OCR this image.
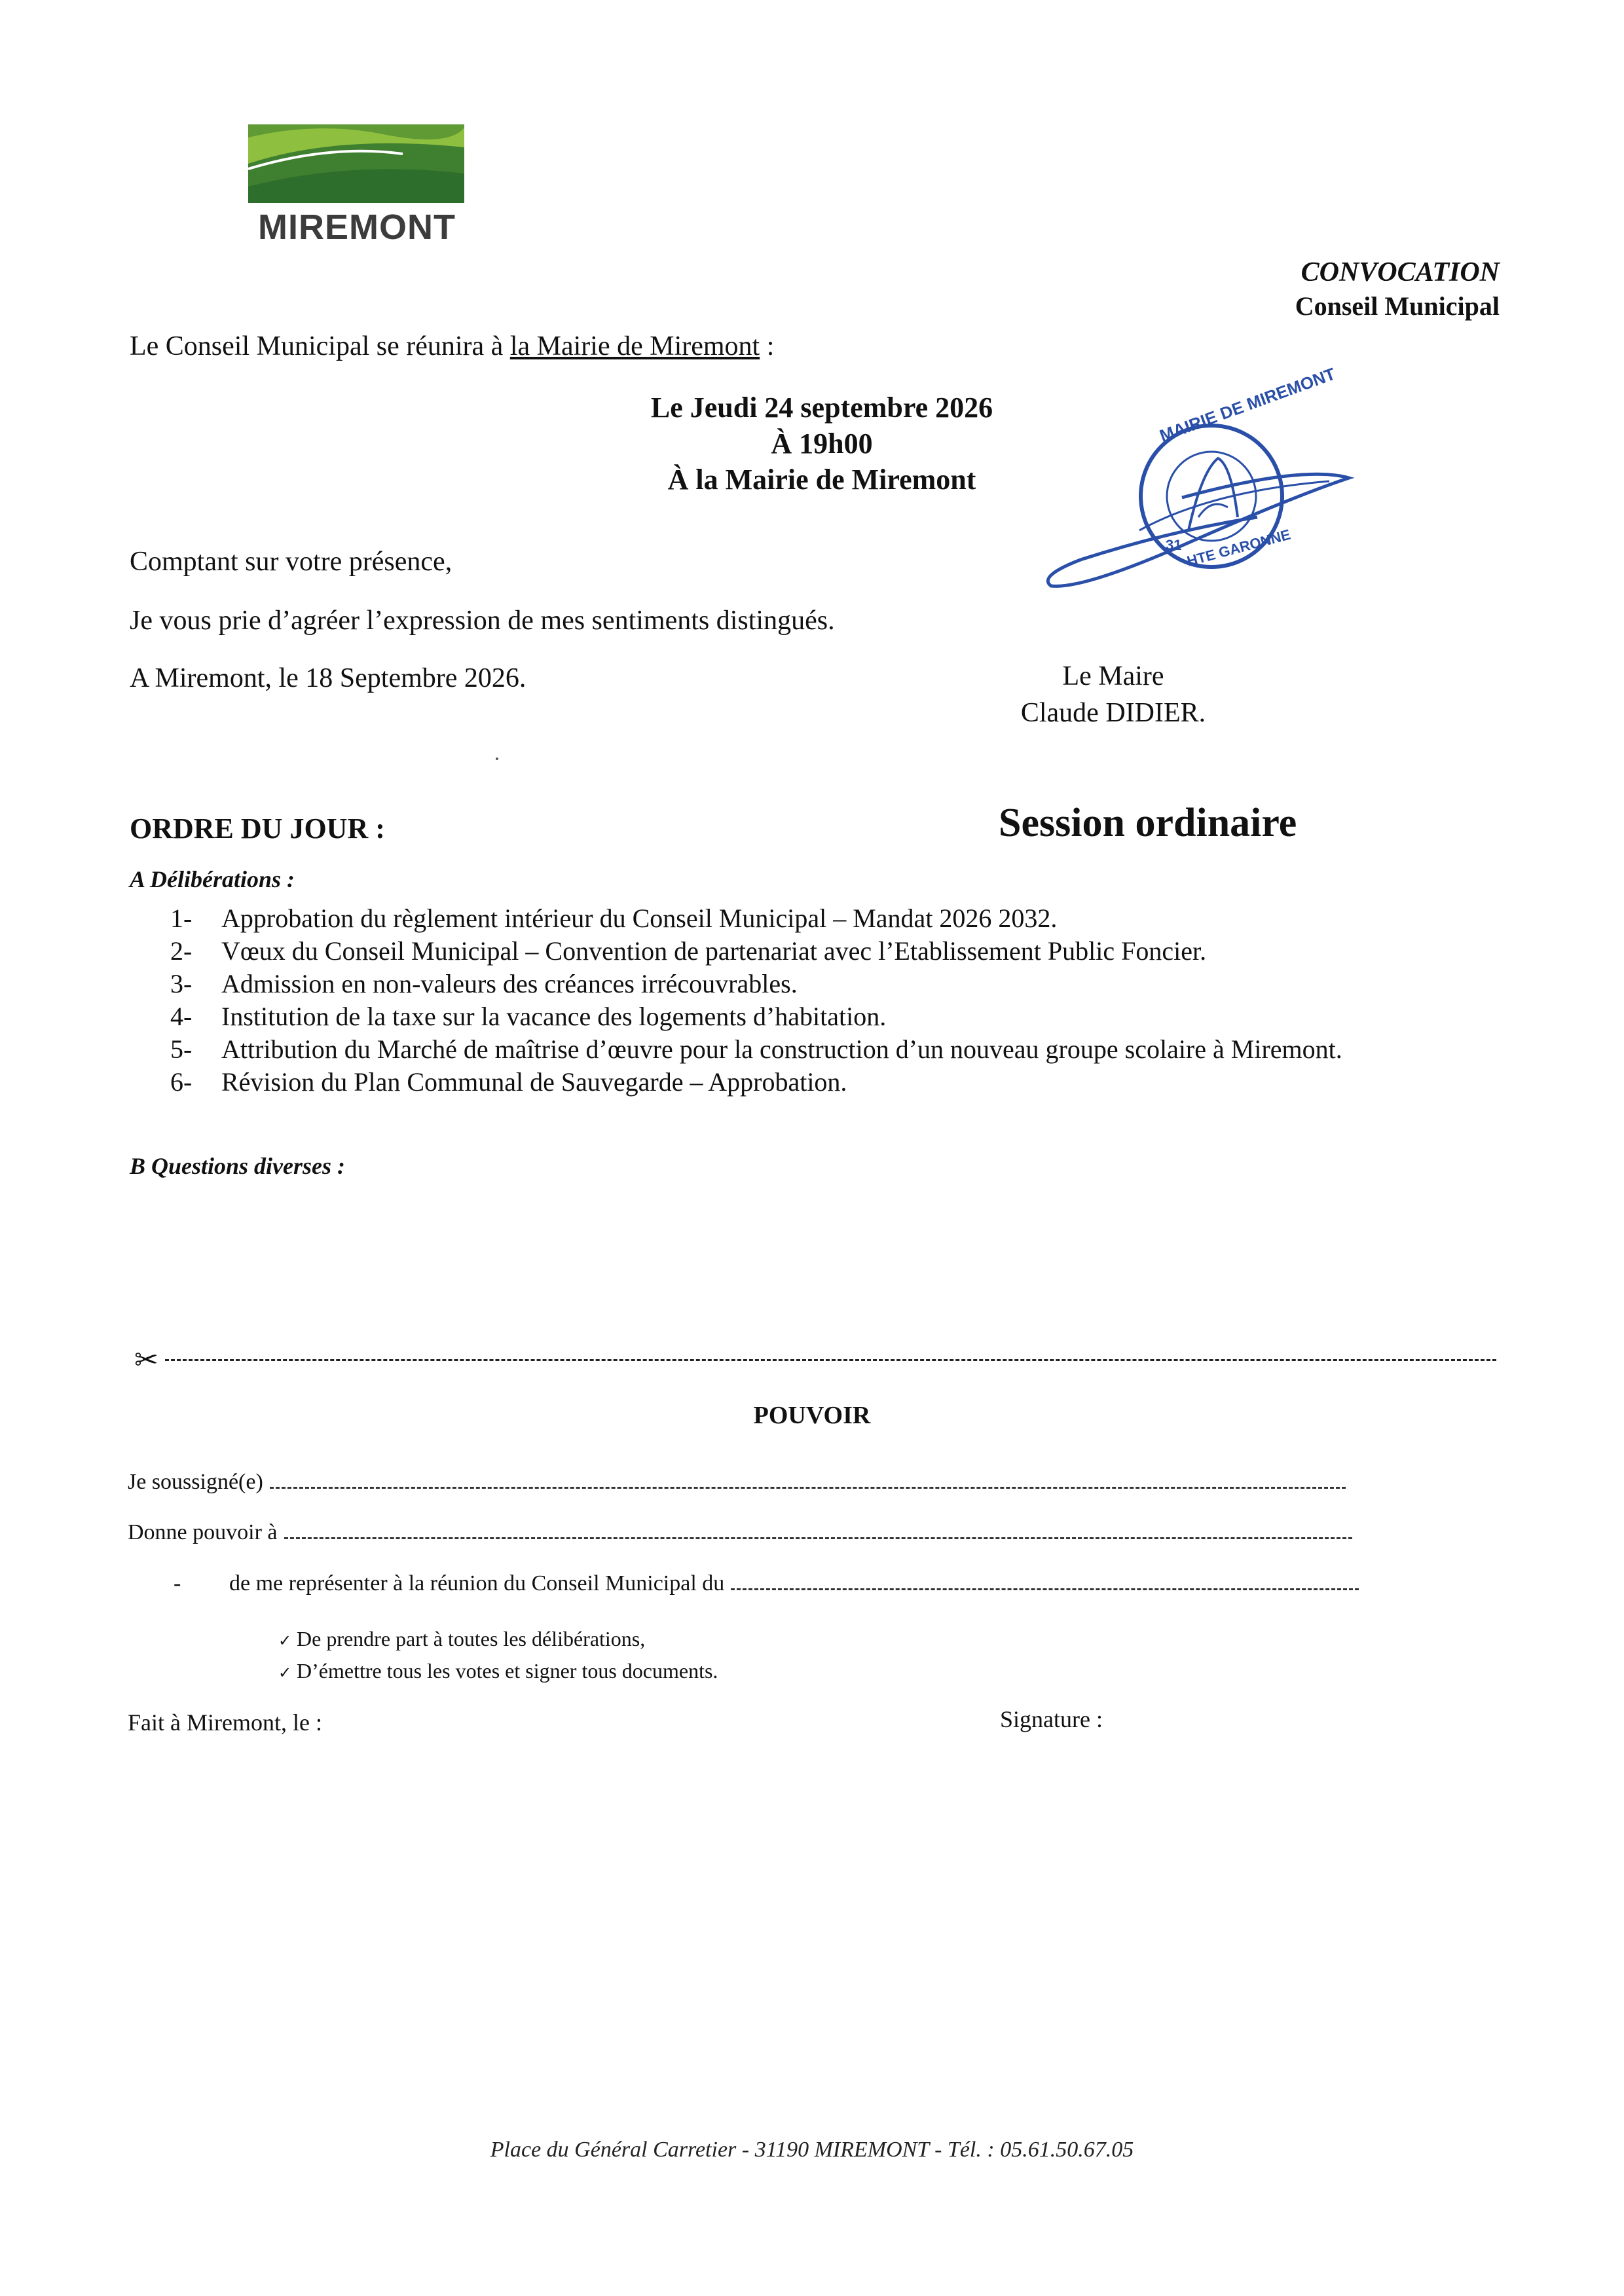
MIREMONT
CONVOCATION
Conseil Municipal
Le Conseil Municipal se réunira à la Mairie de Miremont :
Le Jeudi 24 septembre 2026
À 19h00
À la Mairie de Miremont
MAIRIE DE MIREMONT
HTE GARONNE
31
Comptant sur votre présence,
Je vous prie d’agréer l’expression de mes sentiments distingués.
A Miremont, le 18 Septembre 2026.	Le Maire
Claude DIDIER.
ORDRE DU JOUR :	Session ordinaire
A Délibérations :
1-	Approbation du règlement intérieur du Conseil Municipal – Mandat 2026 2032.
2-	Vœux du Conseil Municipal – Convention de partenariat avec l’Etablissement Public Foncier.
3-	Admission en non-valeurs des créances irrécouvrables.
4-	Institution de la taxe sur la vacance des logements d’habitation.
5-	Attribution du Marché de maîtrise d’œuvre pour la construction d’un nouveau groupe scolaire à Miremont.
6-	Révision du Plan Communal de Sauvegarde – Approbation.
B Questions diverses :
✂
POUVOIR
Je soussigné(e)
Donne pouvoir à
-	de me représenter à la réunion du Conseil Municipal du
✓ De prendre part à toutes les délibérations,
✓ D’émettre tous les votes et signer tous documents.
Fait à Miremont, le :	Signature :
Place du Général Carretier - 31190 MIREMONT - Tél. : 05.61.50.67.05
